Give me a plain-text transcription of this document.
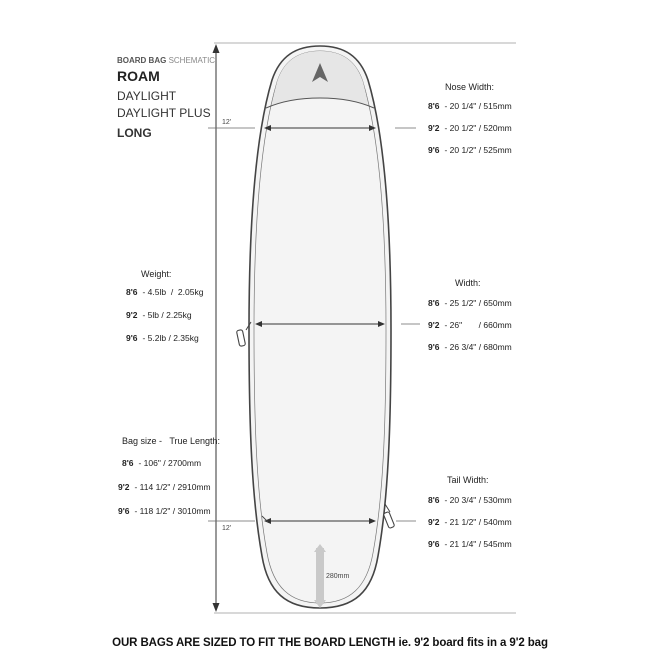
BOARD BAG SCHEMATIC
ROAM
DAYLIGHT
DAYLIGHT PLUS
LONG
Nose Width:
8'6 - 20 1/4" / 515mm
9'2 - 20 1/2" / 520mm
9'6 - 20 1/2" / 525mm
Width:
8'6 - 25 1/2" / 650mm
9'2 - 26"       / 660mm
9'6 - 26 3/4" / 680mm
Tail Width:
8'6 - 20 3/4" / 530mm
9'2 - 21 1/2" / 540mm
9'6 - 21 1/4" / 545mm
Weight:
8'6 - 4.5lb  /  2.05kg
9'2 - 5lb / 2.25kg
9'6 - 5.2lb / 2.35kg
Bag size -   True Length:
8'6 - 106" / 2700mm
9'2 - 114 1/2" / 2910mm
9'6 - 118 1/2" / 3010mm
12'
12'
280mm
OUR BAGS ARE SIZED TO FIT THE BOARD LENGTH ie. 9'2 board fits in a 9'2 bag
